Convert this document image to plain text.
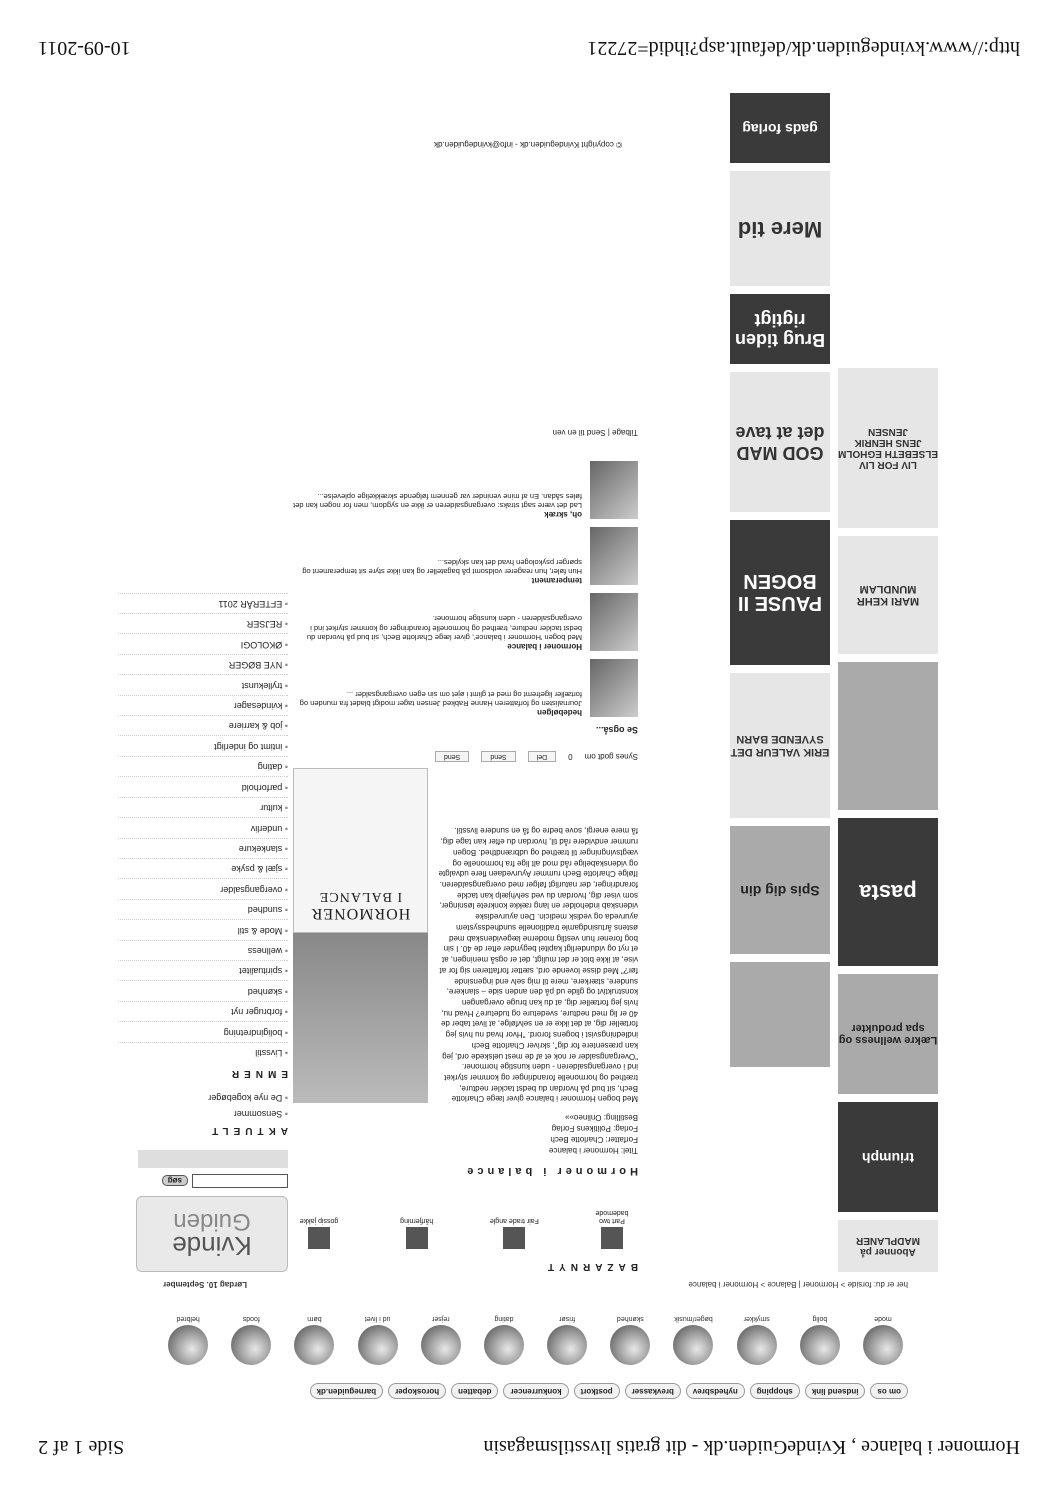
Hormoner i balance , KvindeGuiden.dk - dit gratis livsstilsmagasin
Side 1 af 2
om os
indsend link
shopping
nyhedsbrev
brevkasser
postkort
konkurrencer
debatten
horoskoper
barneguiden.dk
mode
bolig
smykker
bøger/musik
skønhed
frisør
dating
rejser
ud i livet
børn
foods
helbred
her er du: forside > Hormoner | Balance > Hormoner i balance
Lørdag 10. September
Kvinde
Guiden
søg
AKTUELT
▪ Sensommer
▪ De nye kogebøger
EMNER
▪ Livsstil
▪ boligindretning
▪ forbruger nyt
▪ skønhed
▪ spiritualitet
▪ wellness
▪ Mode & stil
▪ sundhed
▪ overgangsalder
▪ sjæl & psyke
▪ slankekure
▪ underliv
▪ kultur
▪ parforhold
▪ dating
▪ intimt og inderligt
▪ job & karriere
▪ kvindesager
▪ tryllekunst
▪ NYE BØGER
▪ ØKOLOGI
▪ REJSER
▪ EFTERÅR 2011
BAZARNYT
Part two bademode
Fair trade angle
hårfjerning
gossip jakke
Hormoner i balance
Titel: Hormoner i balance
Forfatter: Charlotte Bech
Forlag: Politikens Forlag
Bestilling: Onlineo»»
HORMONER
I BALANCE
Med bogen Hormoner i balance giver læge Charlotte Bech, sit bud på hvordan du bedst tackler nedture, træthed og hormonelle forandringer og kommer styrket ind i overgangsalderen - uden kunstige hormoner. "Overgangsalder er nok et af de mest uelskede ord, jeg kan præsentere for dig", skriver Charlotte Bech indledningsvist i bogens forord. "Hvor hvad nu hvis jeg fortæller dig, at det ikke er en selvfølge, at livet taber de 40 er lig med nedture, svedeture og tudeture? Hvad nu, hvis jeg fortæller dig, at du kan bruge overgangen konstruktivt og glide ud på den anden side – slankere, sundere, stærkere, mere til mig selv end ingensinde før?" Med disse lovende ord, sætter forfatteren sig for at vise, at ikke blot er det muligt, det er også meningen, at et nyt og vidunderligt kapitel begynder efter de 40. I sin bog forener hun vestlig moderne lægevidenskab med østens årtusindgamle traditionelle sundhedssystem ayurveda og vedisk medicin. Den ayurvediske videnskab indeholder en lang række konkrete løsninger, som viser dig, hvordan du ved selvhjælp kan tackle forandringer, der naturligt følger med overgangsalderen. Ifølge Charlotte Bech rummer Ayurvedaen flere udvalgte og videnskabelige råd mod alt lige fra hormonelle og vægtsvingninger til træthed og udbrændthed. Bogen rummer endvidere råd til, hvordan du efter kan tage dig, få mere energi, sove bedre og få en sundere livsstil.
Synes godt om
0
Del
Send
Send
Se også...
hedebølgen
Journalisten og forfatteren Hanne Rabked Jensen tager modigt bladet fra munden og fortæller ligefremt og med et glimt i øjet om sin egen overgangsalder ...
Hormoner i balance
Med bogen 'Hormoner i balance', giver læge Charlotte Bech, sit bud på hvordan du bedst tackler nedture, træthed og hormonelle forandringer og kommer styrket ind i overgangsalderen - uden kunstige hormoner.
temperament
Hun føler, hun reagerer voldsomt på bagateller og kan ikke styre sit temperament og spørger psykologen hvad det kan skyldes...
oh, skræk
Lad det være sagt straks: overgangsalderen er ikke en sygdom, men for nogen kan det føles sådan. En af mine veninder var gennem følgende skrækkelige oplevelse...
Tilbage | Send til en ven
© copyright Kvindeguiden.dk - info@kvindeguiden.dk
Abonner på MADPLANER
triumph
Lækre wellness og spa produkter
pasta
MARI KEHR MUNDLAM
LIV FOR LIV ELSEBETH EGHOLM JENS HENRIK JENSEN
Spis dig din
ERIK VALEUR DET SYVENDE BARN
PAUSE II BOGEN
GOD MAD det at tave
Brug tiden rigtigt
Mere tid
gads forlag
http://www.kvindeguiden.dk/default.asp?ihdid=27221
10-09-2011
